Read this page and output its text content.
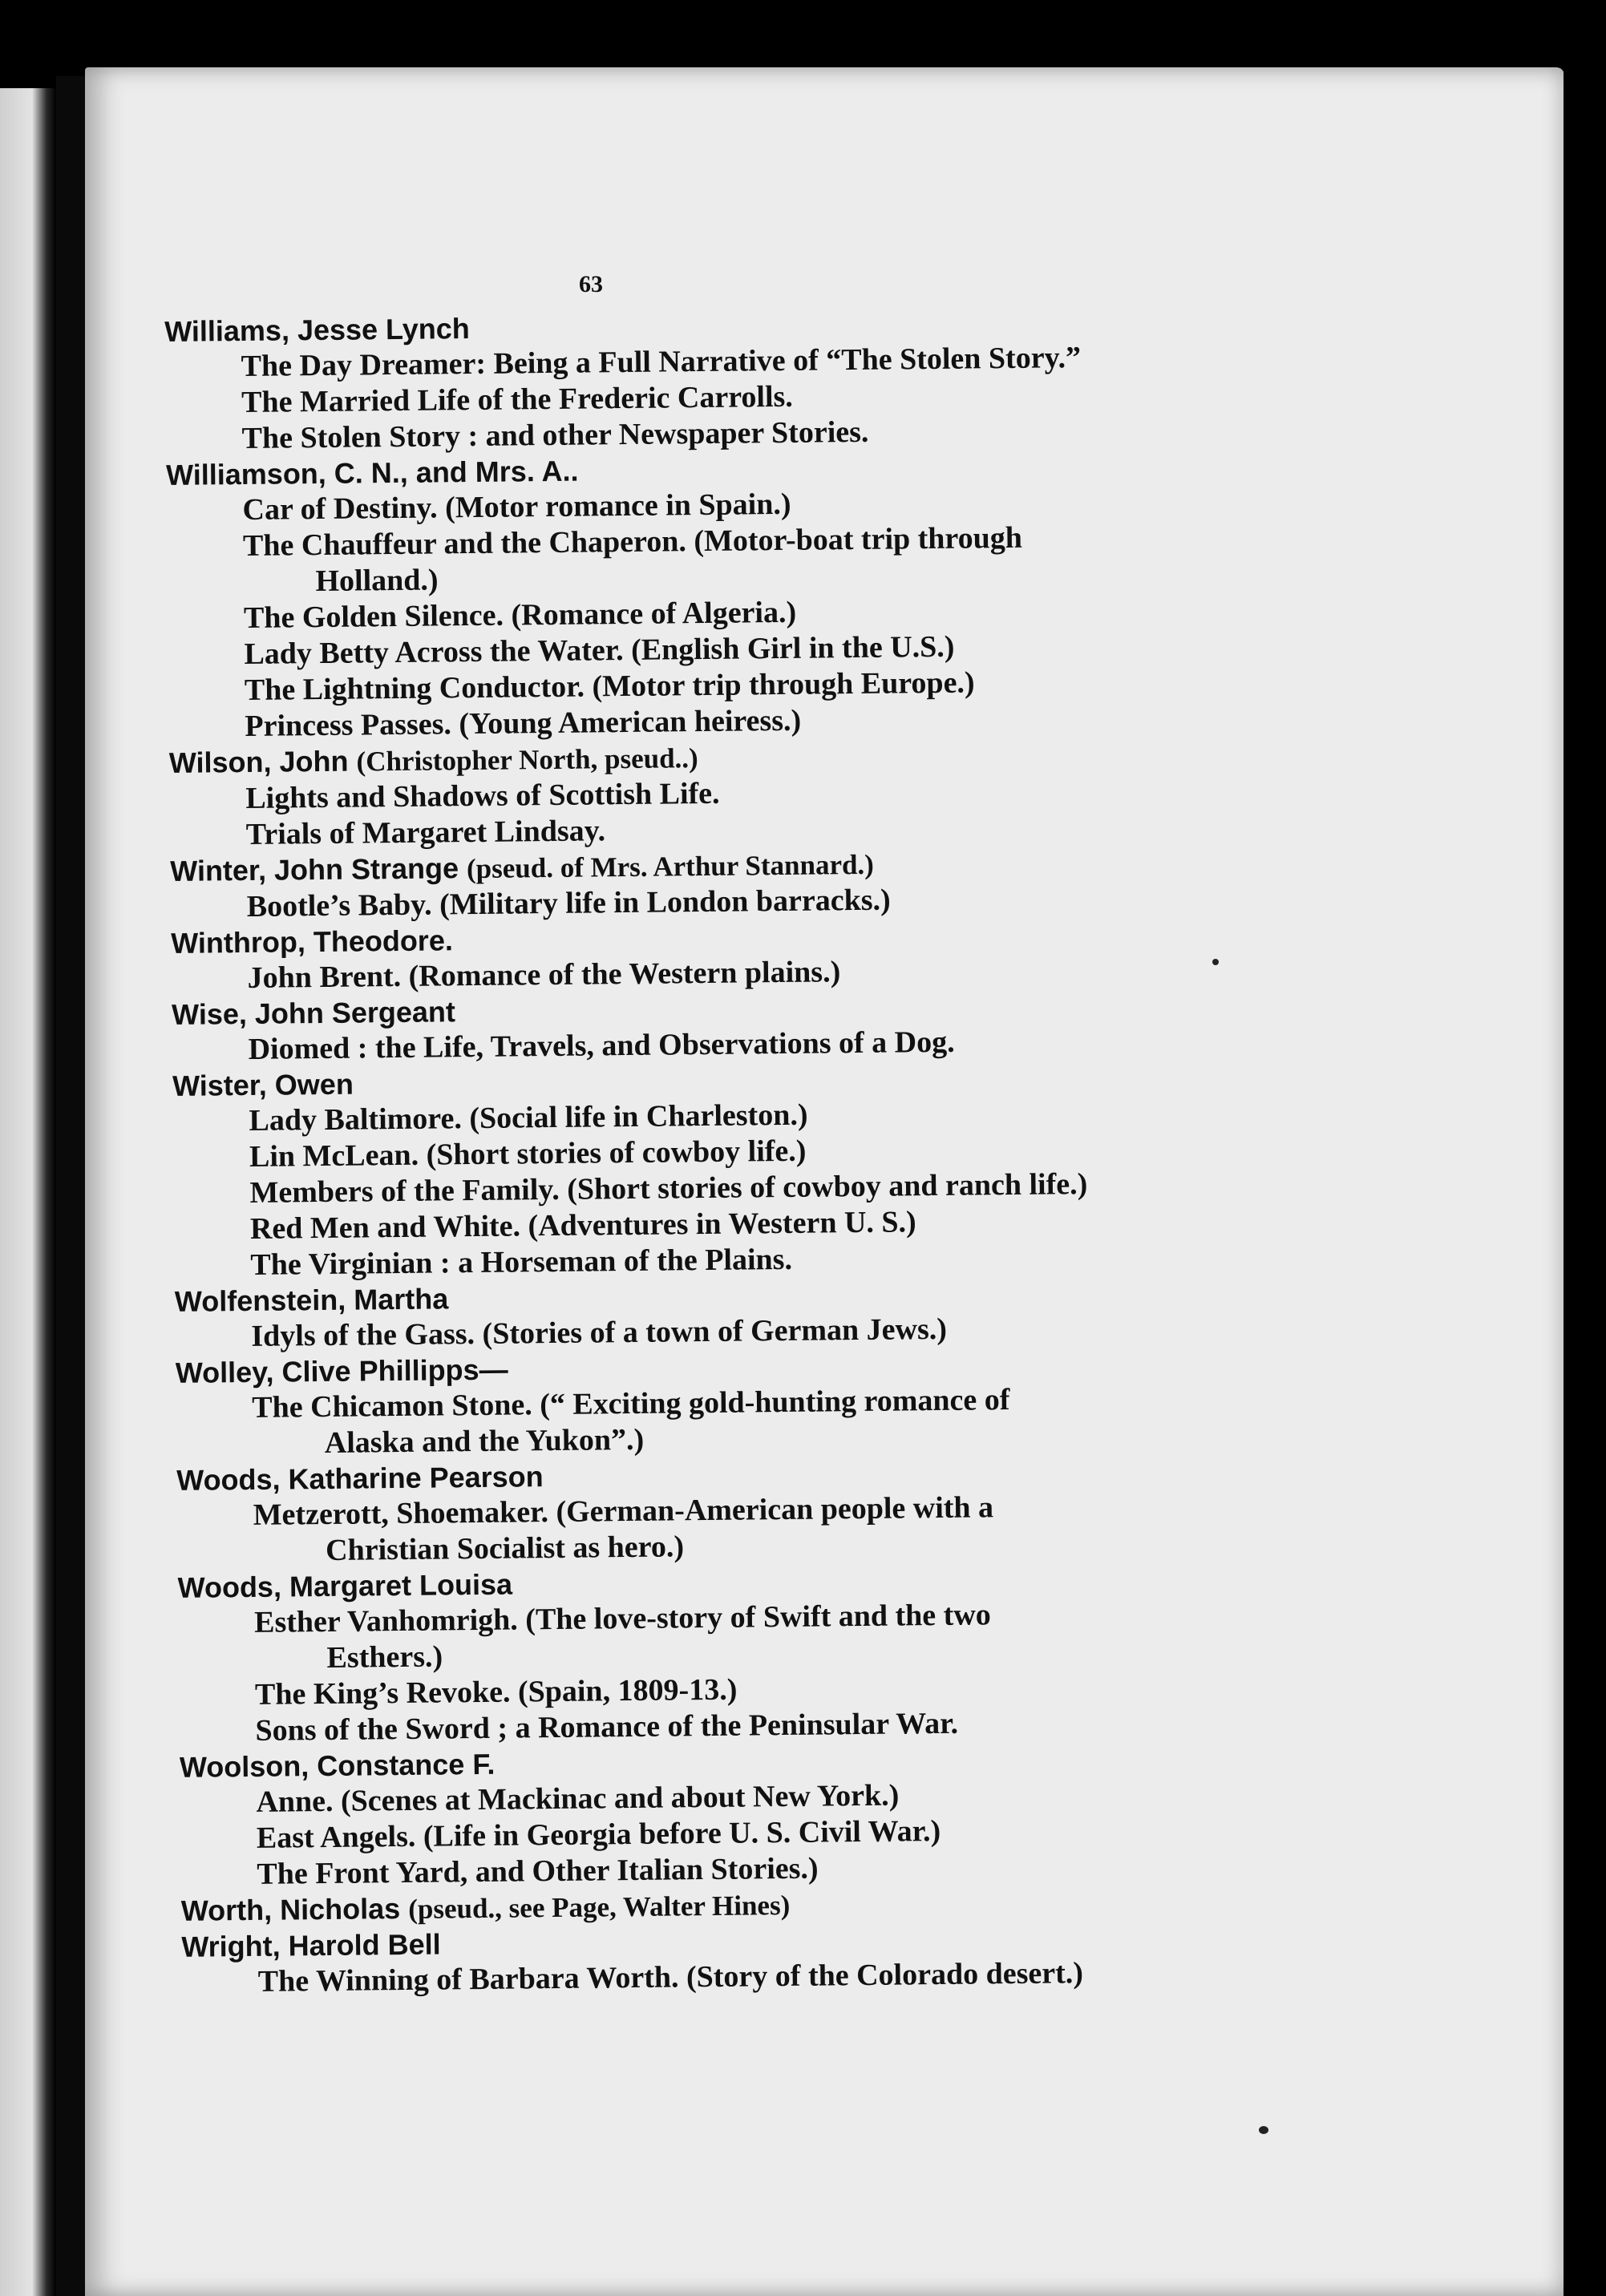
63
Williams, Jesse Lynch
The Day Dreamer: Being a Full Narrative of “The Stolen Story.”
The Married Life of the Frederic Carrolls.
The Stolen Story : and other Newspaper Stories.
Williamson, C. N., and Mrs. A..
Car of Destiny. (Motor romance in Spain.)
The Chauffeur and the Chaperon. (Motor-boat trip through
Holland.)
The Golden Silence. (Romance of Algeria.)
Lady Betty Across the Water. (English Girl in the U.S.)
The Lightning Conductor. (Motor trip through Europe.)
Princess Passes. (Young American heiress.)
Wilson, John (Christopher North, pseud..)
Lights and Shadows of Scottish Life.
Trials of Margaret Lindsay.
Winter, John Strange (pseud. of Mrs. Arthur Stannard.)
Bootle’s Baby. (Military life in London barracks.)
Winthrop, Theodore.
John Brent. (Romance of the Western plains.)
Wise, John Sergeant
Diomed : the Life, Travels, and Observations of a Dog.
Wister, Owen
Lady Baltimore. (Social life in Charleston.)
Lin McLean. (Short stories of cowboy life.)
Members of the Family. (Short stories of cowboy and ranch life.)
Red Men and White. (Adventures in Western U. S.)
The Virginian : a Horseman of the Plains.
Wolfenstein, Martha
Idyls of the Gass. (Stories of a town of German Jews.)
Wolley, Clive Phillipps—
The Chicamon Stone. (“ Exciting gold-hunting romance of
Alaska and the Yukon”.)
Woods, Katharine Pearson
Metzerott, Shoemaker. (German-American people with a
Christian Socialist as hero.)
Woods, Margaret Louisa
Esther Vanhomrigh. (The love-story of Swift and the two
Esthers.)
The King’s Revoke. (Spain, 1809-13.)
Sons of the Sword ; a Romance of the Peninsular War.
Woolson, Constance F.
Anne. (Scenes at Mackinac and about New York.)
East Angels. (Life in Georgia before U. S. Civil War.)
The Front Yard, and Other Italian Stories.)
Worth, Nicholas (pseud., see Page, Walter Hines)
Wright, Harold Bell
The Winning of Barbara Worth. (Story of the Colorado desert.)
